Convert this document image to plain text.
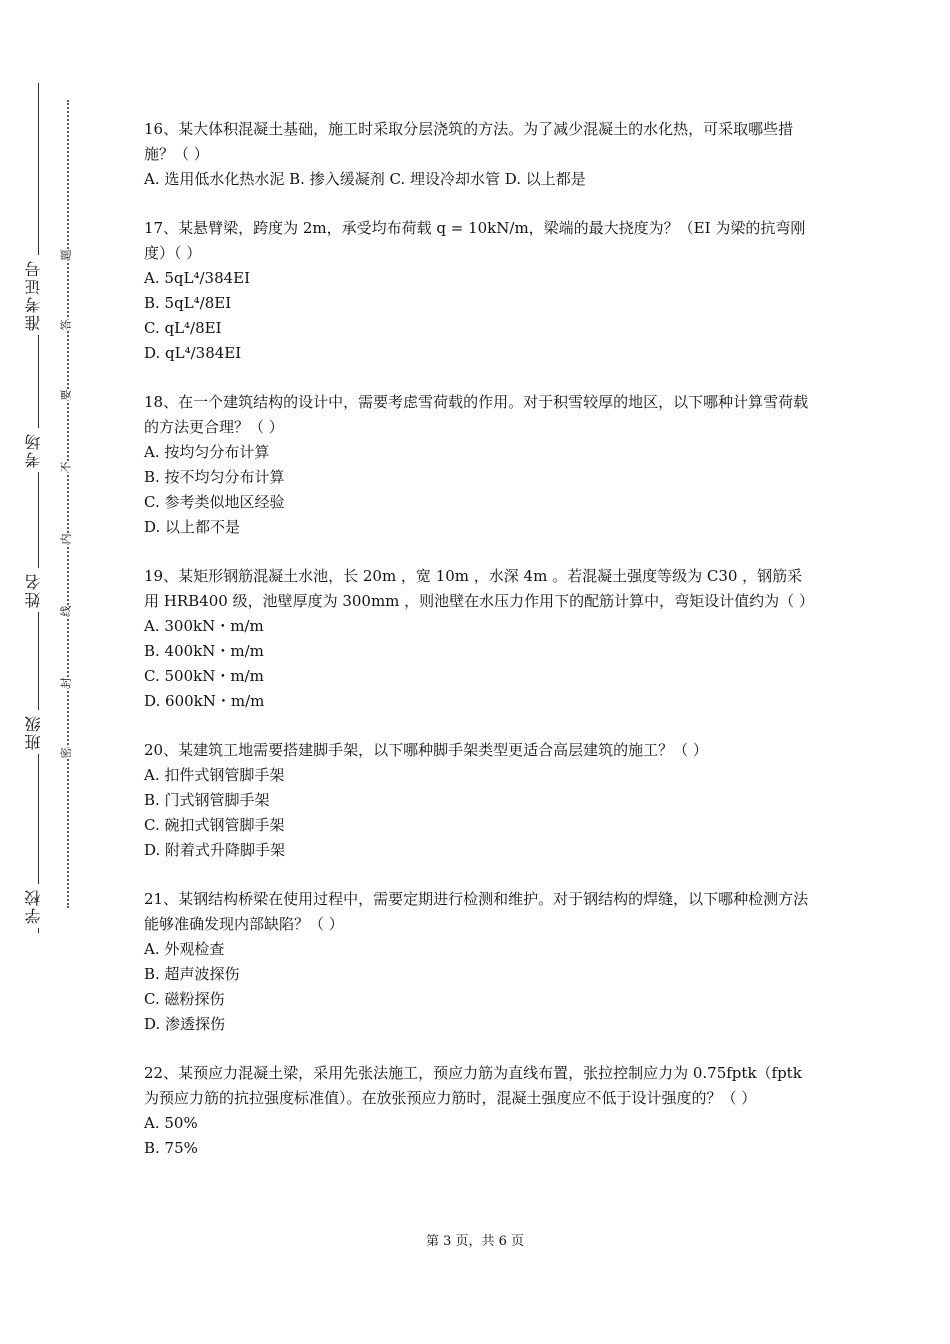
准考证号
考场
姓名
班级
学校
题
答
要
不
内
线
封
密

16、某大体积混凝土基础，施工时采取分层浇筑的方法。为了减少混凝土的水化热，可采取哪些措施？（ ）

A. 选用低水化热水泥 B. 掺入缓凝剂 C. 埋设冷却水管 D. 以上都是

17、某悬臂梁，跨度为 2m，承受均布荷载 q = 10kN/m，梁端的最大挠度为？（EI 为梁的抗弯刚度）（ ）

A. 5qL⁴/384EI

B. 5qL⁴/8EI

C. qL⁴/8EI

D. qL⁴/384EI

18、在一个建筑结构的设计中，需要考虑雪荷载的作用。对于积雪较厚的地区，以下哪种计算雪荷载的方法更合理？（ ）

A. 按均匀分布计算

B. 按不均匀分布计算

C. 参考类似地区经验

D. 以上都不是

19、某矩形钢筋混凝土水池，长 20m ，宽 10m ，水深 4m 。若混凝土强度等级为 C30 ，钢筋采用 HRB400 级，池壁厚度为 300mm ，则池壁在水压力作用下的配筋计算中，弯矩设计值约为（ ）

A. 300kN・m/m

B. 400kN・m/m

C. 500kN・m/m

D. 600kN・m/m

20、某建筑工地需要搭建脚手架，以下哪种脚手架类型更适合高层建筑的施工？（ ）

A. 扣件式钢管脚手架

B. 门式钢管脚手架

C. 碗扣式钢管脚手架

D. 附着式升降脚手架

21、某钢结构桥梁在使用过程中，需要定期进行检测和维护。对于钢结构的焊缝，以下哪种检测方法能够准确发现内部缺陷？（ ）

A. 外观检查

B. 超声波探伤

C. 磁粉探伤

D. 渗透探伤

22、某预应力混凝土梁，采用先张法施工，预应力筋为直线布置，张拉控制应力为 0.75fptk（fptk 为预应力筋的抗拉强度标准值）。在放张预应力筋时，混凝土强度应不低于设计强度的？（ ）

A. 50%

B. 75%

第 3 页，共 6 页
